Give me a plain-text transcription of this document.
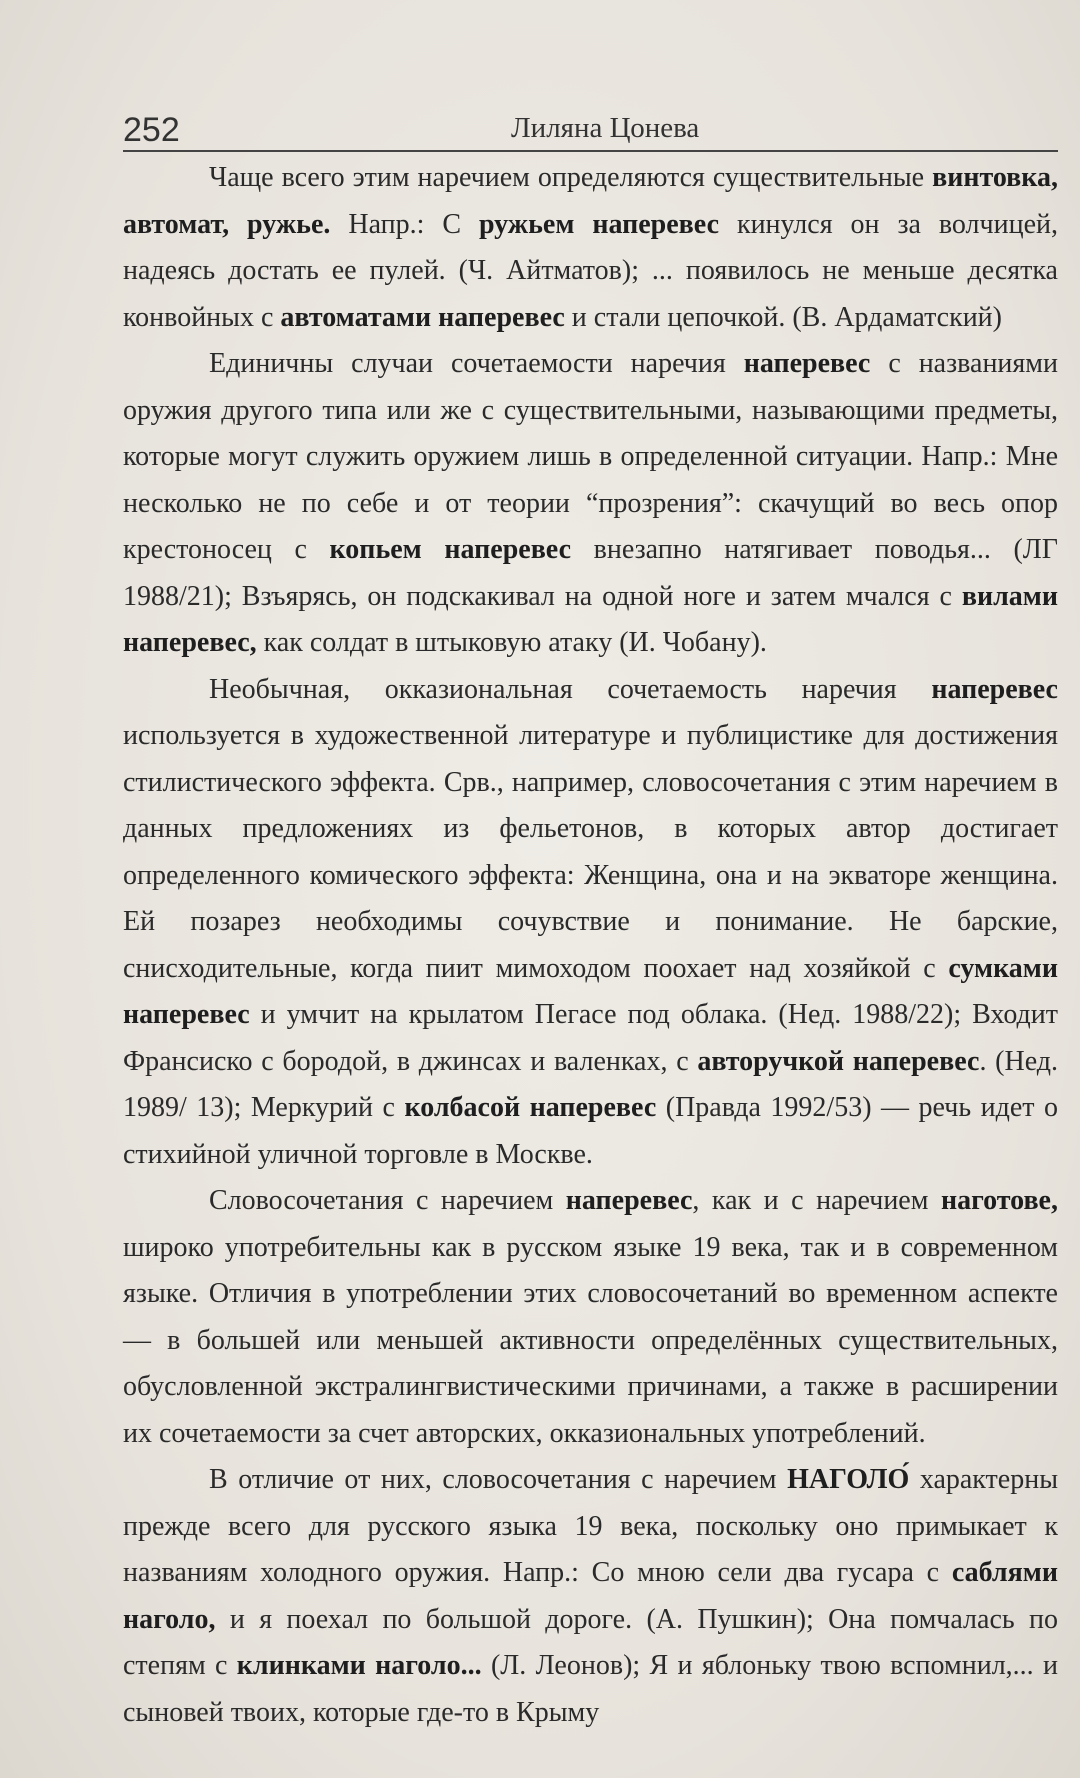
252	Лиляна Цонева

Чаще всего этим наречием определяются существительные винтовка, автомат, ружье. Напр.: С ружьем наперевес кинулся он за волчицей, надеясь достать ее пулей. (Ч. Айтматов); ... появилось не меньше десятка конвойных с автоматами наперевес и стали цепочкой. (В. Ардаматский)

Единичны случаи сочетаемости наречия наперевес с названиями оружия другого типа или же с существительными, называющими предметы, которые могут служить оружием лишь в определенной ситуации. Напр.: Мне несколько не по себе и от теории “прозрения”: скачущий во весь опор крестоносец с копьем наперевес внезапно натягивает поводья... (ЛГ 1988/21); Взъярясь, он подскакивал на одной ноге и затем мчался с вилами наперевес, как солдат в штыковую атаку (И. Чобану).

Необычная, окказиональная сочетаемость наречия наперевес используется в художественной литературе и публицистике для достижения стилистического эффекта. Срв., например, словосочетания с этим наречием в данных предложениях из фельетонов, в которых автор достигает определенного комического эффекта: Женщина, она и на экваторе женщина. Ей позарез необходимы сочувствие и понимание. Не барские, снисходительные, когда пиит мимоходом поохает над хозяйкой с сумками наперевес и умчит на крылатом Пегасе под облака. (Нед. 1988/22); Входит Франсиско с бородой, в джинсах и валенках, с авторучкой наперевес. (Нед. 1989/ 13); Меркурий с колбасой наперевес (Правда 1992/53) — речь идет о стихийной уличной торговле в Москве.

Словосочетания с наречием наперевес, как и с наречием наготове, широко употребительны как в русском языке 19 века, так и в современном языке. Отличия в употреблении этих словосочетаний во временном аспекте — в большей или меньшей активности определённых существительных, обусловленной экстралингвистическими причинами, а также в расширении их сочетаемости за счет авторских, окказиональных употреблений.

В отличие от них, словосочетания с наречием НАГОЛО́ характерны прежде всего для русского языка 19 века, поскольку оно примыкает к названиям холодного оружия. Напр.: Со мною сели два гусара с саблями наголо, и я поехал по большой дороге. (А. Пушкин); Она помчалась по степям с клинками наголо... (Л. Леонов); Я и яблоньку твою вспомнил,... и сыновей твоих, которые где-то в Крыму
